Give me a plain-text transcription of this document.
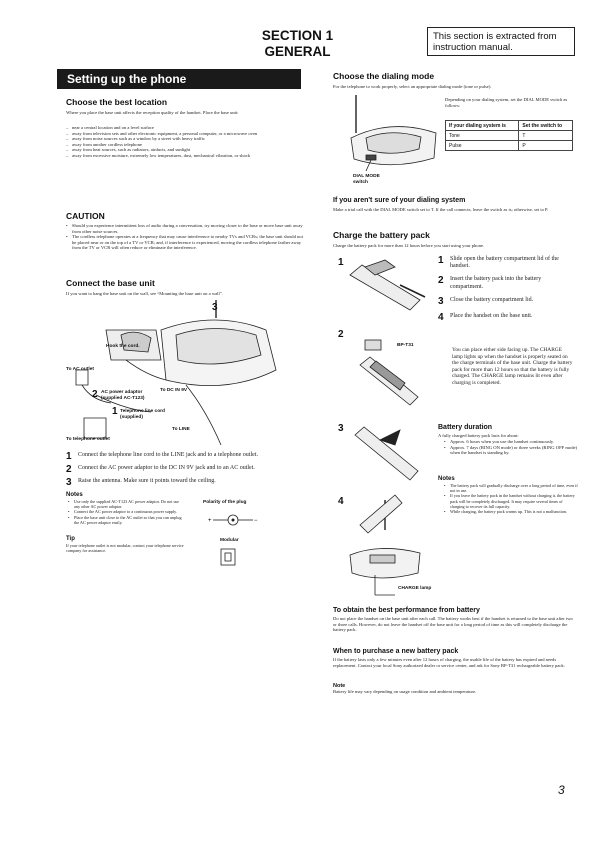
SECTION 1
GENERAL
This section is extracted from instruction manual.
Setting up the phone
Choose the best location
Where you place the base unit affects the reception quality of the handset. Place the base unit:
– near a central location and on a level surface
– away from television sets and other electronic equipment, a personal computer, or a microwave oven
– away from noise sources such as a window by a street with heavy traffic
– away from another cordless telephone
– away from heat sources, such as radiators, airducts, and sunlight
– away from excessive moisture, extremely low temperatures, dust, mechanical vibration, or shock
CAUTION
• Should you experience intermittent loss of audio during a conversation, try moving closer to the base or move base unit away from other noise sources.
• The cordless telephone operates at a frequency that may cause interference to nearby TVs and VCRs; the base unit should not be placed near or on the top of a TV or VCR; and, if interference is experienced, moving the cordless telephone farther away from the TV or VCR will often reduce or eliminate the interference.
Connect the base unit
If you want to hang the base unit on the wall, see “Mounting the base unit on a wall”.
3
Hook the cord.
To AC outlet
2 AC power adaptor (supplied AC-T123)
To DC IN 9V
1 Telephone line cord (supplied)
To LINE
To telephone outlet
1	Connect the telephone line cord to the LINE jack and to a telephone outlet.
2	Connect the AC power adaptor to the DC IN 9V jack and to an AC outlet.
3	Raise the antenna. Make sure it points toward the ceiling.
Notes
• Use only the supplied AC-T123 AC power adaptor. Do not use any other AC power adaptor.
• Connect the AC power adaptor to a continuous power supply.
• Place the base unit close to the AC outlet so that you can unplug the AC power adaptor easily.
Polarity of the plug
+	−
Tip
If your telephone outlet is not modular, contact your telephone service company for assistance.
Modular
Choose the dialing mode
For the telephone to work properly, select an appropriate dialing mode (tone or pulse).
Depending on your dialing system, set the DIAL MODE switch as follows:
If your dialing system is	Set the switch to
Tone	T
Pulse	P
DIAL MODE switch
If you aren't sure of your dialing system
Make a trial call with the DIAL MODE switch set to T. If the call connects, leave the switch as is; otherwise, set to P.
Charge the battery pack
Charge the battery pack for more than 12 hours before you start using your phone.
1
2
3
4
BP-T31
CHARGE lamp
1	Slide open the battery compartment lid of the handset.
2	Insert the battery pack into the battery compartment.
3	Close the battery compartment lid.
4	Place the handset on the base unit.
You can place either side facing up. The CHARGE lamp lights up when the handset is properly seated on the charge terminals of the base unit. Charge the battery pack for more than 12 hours so that the battery is fully charged. The CHARGE lamp remains lit even after charging is completed.
Battery duration
A fully charged battery pack lasts for about:
• Approx. 6 hours when you use the handset continuously.
• Approx. 7 days (RING ON mode) or three weeks (RING OFF mode) when the handset is standing by.
Notes
• The battery pack will gradually discharge over a long period of time, even if not in use.
• If you leave the battery pack in the handset without charging it, the battery pack will be completely discharged. It may require several times of charging to recover its full capacity.
• While charging, the battery pack warms up. This is not a malfunction.
To obtain the best performance from battery
Do not place the handset on the base unit after each call. The battery works best if the handset is returned to the base unit after two or three calls. However, do not leave the handset off the base unit for a long period of time as this will completely discharge the battery pack.
When to purchase a new battery pack
If the battery lasts only a few minutes even after 12 hours of charging, the usable life of the battery has expired and needs replacement. Contact your local Sony authorized dealer or service center, and ask for Sony BP-T31 rechargeable battery pack.
Note
Battery life may vary depending on usage condition and ambient temperature.
3
